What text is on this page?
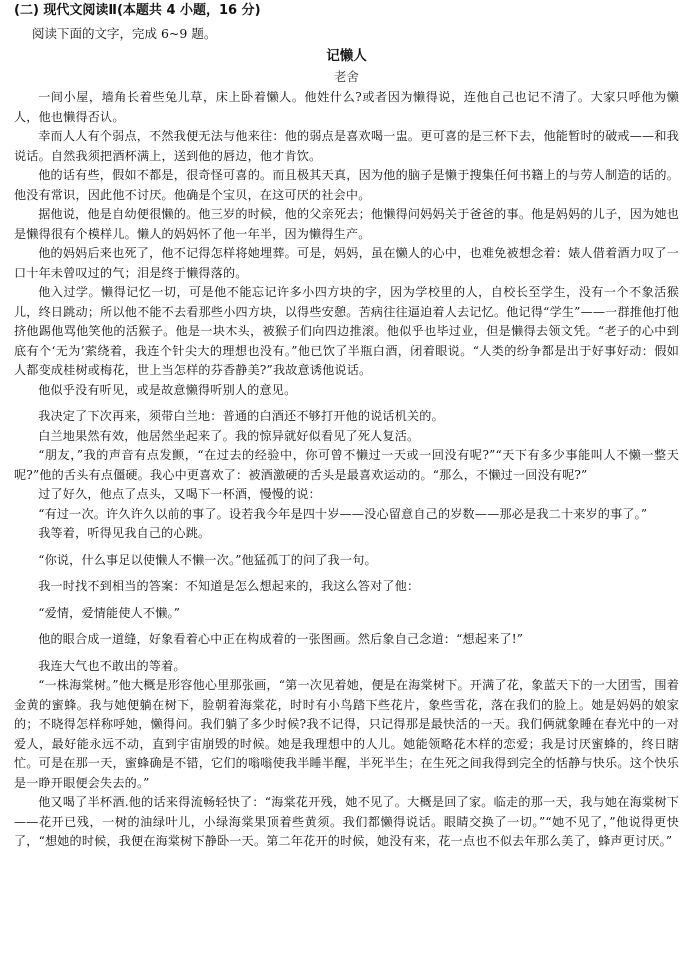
(二) 现代文阅读Ⅱ(本题共 4 小题，16 分)

阅读下面的文字，完成 6~9 题。

记懒人

老舍

一间小屋，墙角长着些兔儿草，床上卧着懒人。他姓什么?或者因为懒得说，连他自己也记不清了。大家只呼他为懒人，他也懒得否认。

幸而人人有个弱点，不然我便无法与他来往：他的弱点是喜欢喝一盅。更可喜的是三杯下去，他能暂时的破戒——和我说话。自然我须把酒杯满上，送到他的唇边，他才肯饮。

他的话有些，假如不都是，很奇怪可喜的。而且极其天真，因为他的脑子是懒于搜集任何书籍上的与劳人制造的话的。他没有常识，因此他不讨厌。他确是个宝贝，在这可厌的社会中。

据他说，他是自幼便很懒的。他三岁的时候，他的父亲死去；他懒得问妈妈关于爸爸的事。他是妈妈的儿子，因为她也是懒得很有个模样儿。懒人的妈妈怀了他一年半，因为懒得生产。

他的妈妈后来也死了，他不记得怎样将她埋葬。可是，妈妈，虽在懒人的心中，也难免被想念着：婊人借着酒力叹了一口十年未曾叹过的气；泪是终于懒得落的。

他入过学。懒得记忆一切，可是他不能忘记许多小四方块的字，因为学校里的人，自校长至学生，没有一个不象活猴儿，终日跳动；所以他不能不去看那些小四方块，以得些安憩。苦病往往逼迫着人去记忆。他记得“学生”——一群推他打他挤他踢他骂他笑他的活猴子。他是一块木头，被猴子们向四边推滚。他似乎也毕过业，但是懒得去领文凭。“老子的心中到底有个‘无为’萦绕着，我连个针尖大的理想也没有。”他已饮了半瓶白酒，闭着眼说。“人类的纷争都是出于好事好动：假如人都变成桂树或梅花，世上当怎样的芬香静美?”我故意诱他说话。

他似乎没有听见，或是故意懒得听别人的意见。

我决定了下次再来，须带白兰地：普通的白酒还不够打开他的说话机关的。

白兰地果然有效，他居然坐起来了。我的惊异就好似看见了死人复活。

“朋友，”我的声音有点发颤，“在过去的经验中，你可曾不懒过一天或一回没有呢?”“天下有多少事能叫人不懒一整天呢?”他的舌头有点僵硬。我心中更喜欢了：被酒激硬的舌头是最喜欢运动的。“那么，不懒过一回没有呢?”

过了好久，他点了点头，又喝下一杯酒，慢慢的说：

“有过一次。许久许久以前的事了。设若我今年是四十岁——没心留意自己的岁数——那必是我二十来岁的事了。”

我等着，听得见我自己的心跳。

“你说，什么事足以使懒人不懒一次。”他猛孤丁的问了我一句。

我一时找不到相当的答案：不知道是怎么想起来的，我这么答对了他：

“爱情，爱情能使人不懒。”

他的眼合成一道缝，好象看着心中正在构成着的一张图画。然后象自己念道：“想起来了!”

我连大气也不敢出的等着。

“一株海棠树。”他大概是形容他心里那张画，“第一次见着她，便是在海棠树下。开满了花，象蓝天下的一大团雪，围着金黄的蜜蜂。我与她便躺在树下，脸朝着海棠花，时时有小鸟踏下些花片，象些雪花，落在我们的脸上。她是妈妈的娘家的；不晓得怎样称呼她，懒得问。我们躺了多少时候?我不记得，只记得那是最快活的一天。我们俩就象睡在春光中的一对爱人，最好能永远不动，直到宇宙崩毁的时候。她是我理想中的人儿。她能领略花木样的恋爱；我是讨厌蜜蜂的，终日瞎忙。可是在那一天，蜜蜂确是不错，它们的嗡嗡使我半睡半醒，半死半生；在生死之间我得到完全的恬静与快乐。这个快乐是一睁开眼便会失去的。”

他又喝了半杯酒.他的话来得流畅轻快了：“海棠花开残，她不见了。大概是回了家。临走的那一天，我与她在海棠树下——花开已残，一树的油绿叶儿，小绿海棠果顶着些黄须。我们都懒得说话。眼睛交换了一切。”“她不见了，”他说得更快了，“想她的时候，我便在海棠树下静卧一天。第二年花开的时候，她没有来，花一点也不似去年那么美了，蜂声更讨厌。”
